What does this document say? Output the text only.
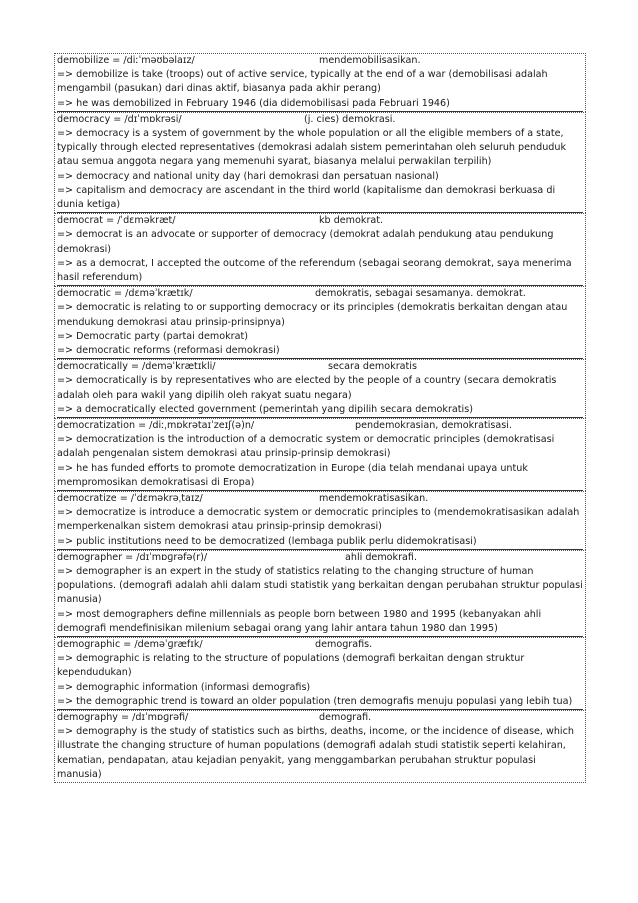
demobilize = /diːˈməʊbəlaɪz/	mendemobilisasikan.
=> demobilize is take (troops) out of active service, typically at the end of a war (demobilisasi adalah mengambil (pasukan) dari dinas aktif, biasanya pada akhir perang)
=> he was demobilized in February 1946 (dia didemobilisasi pada Februari 1946)
democracy = /dɪˈmɒkrəsi/	(j. cies) demokrasi.
=> democracy is a system of government by the whole population or all the eligible members of a state, typically through elected representatives (demokrasi adalah sistem pemerintahan oleh seluruh penduduk atau semua anggota negara yang memenuhi syarat, biasanya melalui perwakilan terpilih)
=> democracy and national unity day (hari demokrasi dan persatuan nasional)
=> capitalism and democracy are ascendant in the third world (kapitalisme dan demokrasi berkuasa di dunia ketiga)
democrat = /ˈdɛməkræt/	kb demokrat.
=> democrat is an advocate or supporter of democracy (demokrat adalah pendukung atau pendukung demokrasi)
=> as a democrat, I accepted the outcome of the referendum (sebagai seorang demokrat, saya menerima hasil referendum)
democratic = /dɛməˈkrætɪk/	demokratis, sebagai sesamanya. demokrat.
=> democratic is relating to or supporting democracy or its principles (demokratis berkaitan dengan atau mendukung demokrasi atau prinsip-prinsipnya)
=> Democratic party (partai demokrat)
=> democratic reforms (reformasi demokrasi)
democratically = /deməˈkrætɪkli/	secara demokratis
=> democratically is by representatives who are elected by the people of a country (secara demokratis adalah oleh para wakil yang dipilih oleh rakyat suatu negara)
=> a democratically elected government (pemerintah yang dipilih secara demokratis)
democratization = /diːˌmɒkrətaɪˈzeɪʃ(ə)n/	pendemokrasian, demokratisasi.
=> democratization is the introduction of a democratic system or democratic principles (demokratisasi adalah pengenalan sistem demokrasi atau prinsip-prinsip demokrasi)
=> he has funded efforts to promote democratization in Europe (dia telah mendanai upaya untuk mempromosikan demokratisasi di Eropa)
democratize = /ˈdɛməkrəˌtaɪz/	mendemokratisasikan.
=> democratize is introduce a democratic system or democratic principles to (mendemokratisasikan adalah memperkenalkan sistem demokrasi atau prinsip-prinsip demokrasi)
=> public institutions need to be democratized (lembaga publik perlu didemokratisasi)
demographer = /dɪˈmɒɡrəfə(r)/	ahli demokrafi.
=> demographer is an expert in the study of statistics relating to the changing structure of human populations. (demografi adalah ahli dalam studi statistik yang berkaitan dengan perubahan struktur populasi manusia)
=> most demographers define millennials as people born between 1980 and 1995 (kebanyakan ahli demografi mendefinisikan milenium sebagai orang yang lahir antara tahun 1980 dan 1995)
demographic = /deməˈɡræfɪk/	demografis.
=> demographic is relating to the structure of populations (demografi berkaitan dengan struktur kependudukan)
=> demographic information (informasi demografis)
=> the demographic trend is toward an older population (tren demografis menuju populasi yang lebih tua)
demography = /dɪˈmɒɡrəfi/	demografi.
=> demography is the study of statistics such as births, deaths, income, or the incidence of disease, which illustrate the changing structure of human populations (demografi adalah studi statistik seperti kelahiran, kematian, pendapatan, atau kejadian penyakit, yang menggambarkan perubahan struktur populasi manusia)
